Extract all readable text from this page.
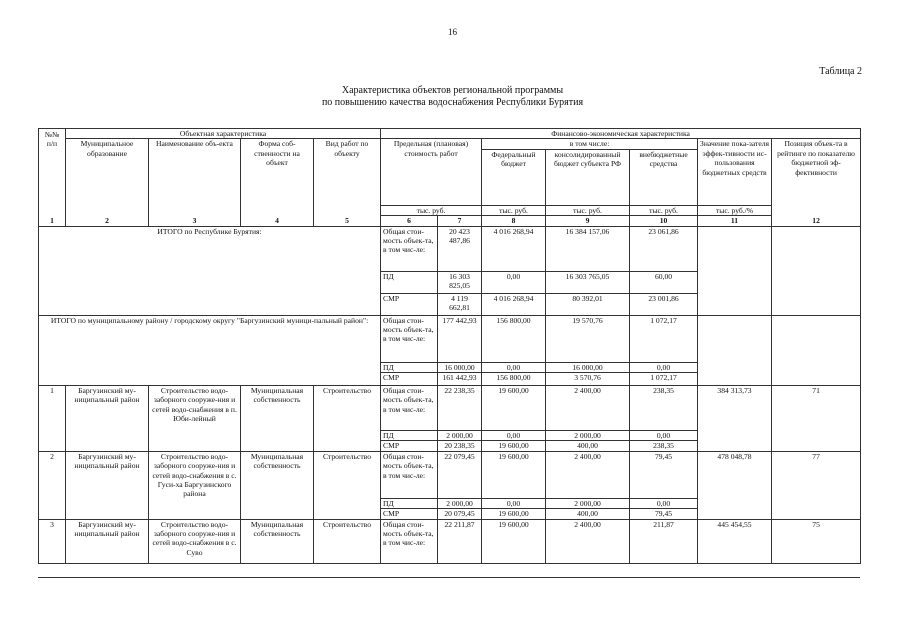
16
Таблица 2
Характеристика объектов региональной программы
по повышению качества водоснабжения Республики Бурятия
№№ п/п	Объектная характеристика				Финансово-экономическая характеристика						
	Муниципальное образование	Наименование объ-екта	Форма соб-ственности на объект	Вид работ по объекту	Предельная (плановая) стоимость работ		в том числе:			Значение пока-зателя эффек-тивности ис-пользования бюджетных средств	Позиция объек-та в рейтинге по показателю бюджетной эф-фективности
							Федеральный бюджет	консолидированный бюджет субъекта РФ	внебюджетные средства		
					тыс. руб.		тыс. руб.	тыс. руб.	тыс. руб.	тыс. руб./%	
1	2	3	4	5	6	7	8	9	10	11	12
ИТОГО по Республике Бурятия:					Общая стои-мость объек-та, в том чис-ле:	20 423 487,86	4 016 268,94	16 384 157,06	23 061,86		
					ПД	16 303 825,05	0,00	16 303 765,05	60,00		
					СМР	4 119 662,81	4 016 268,94	80 392,01	23 001,86		
ИТОГО по муниципальному району / городскому округу "Баргузинский муници-пальный район":					Общая стои-мость объек-та, в том чис-ле:	177 442,93	156 800,00	19 570,76	1 072,17		
					ПД	16 000,00	0,00	16 000,00	0,00		
					СМР	161 442,93	156 800,00	3 570,76	1 072,17		
1	Баргузинский му-ниципальный район	Строительство водо-заборного сооруже-ния и сетей водо-снабжения в п. Юби-лейный	Муниципальная собственность	Строительство	Общая стои-мость объек-та, в том чис-ле:	22 238,35	19 600,00	2 400,00	238,35	384 313,73	71
					ПД	2 000,00	0,00	2 000,00	0,00		
					СМР	20 238,35	19 600,00	400,00	238,35		
2	Баргузинский му-ниципальный район	Строительство водо-заборного сооруже-ния и сетей водо-снабжения в с. Гуси-ха Баргузинского района	Муниципальная собственность	Строительство	Общая стои-мость объек-та, в том чис-ле:	22 079,45	19 600,00	2 400,00	79,45	478 048,78	77
					ПД	2 000,00	0,00	2 000,00	0,00		
					СМР	20 079,45	19 600,00	400,00	79,45		
3	Баргузинский му-ниципальный район	Строительство водо-заборного сооруже-ния и сетей водо-снабжения в с. Суво	Муниципальная собственность	Строительство	Общая стои-мость объек-та, в том чис-ле:	22 211,87	19 600,00	2 400,00	211,87	445 454,55	75
